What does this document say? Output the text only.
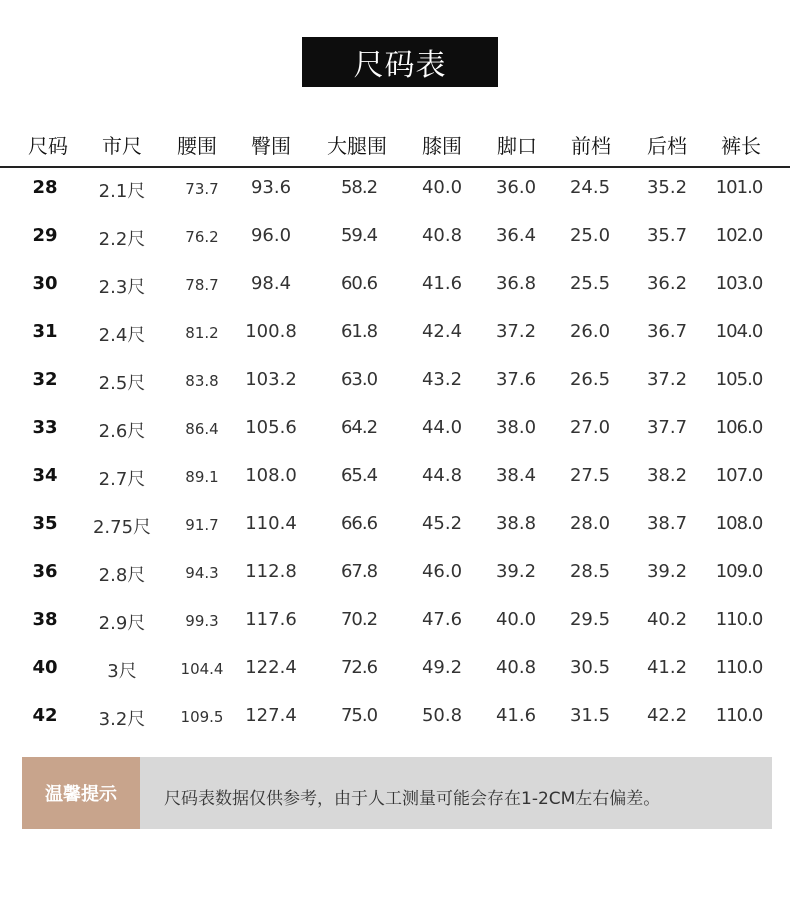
尺码表
尺码 市尺 腰围 臀围 大腿围 膝围 脚口 前档 后档 裤长
28 2.1尺	73.7 93.6	58.2 40.0 36.0 24.5 35.2 101.0
29 2.2尺	76.2 96.0	59.4 40.8 36.4 25.0 35.7 102.0
30 2.3尺	78.7 98.4	60.6 41.6 36.8 25.5 36.2 103.0
31 2.4尺	81.2 100.8 61.8 42.4 37.2 26.0 36.7 104.0
32 2.5尺	83.8 103.2 63.0 43.2 37.6 26.5 37.2 105.0
33 2.6尺	86.4 105.6 64.2 44.0 38.0 27.0 37.7 106.0
34 2.7尺	89.1 108.0 65.4 44.8 38.4 27.5 38.2 107.0
35 2.75尺 91.7 110.4 66.6 45.2 38.8 28.0 38.7 108.0
36 2.8尺	94.3 112.8 67.8 46.0 39.2 28.5 39.2 109.0
38 2.9尺	99.3 117.6 70.2 47.6 40.0 29.5 40.2 110.0
40	3尺	104.4 122.4 72.6 49.2 40.8 30.5 41.2 110.0
42 3.2尺 109.5 127.4 75.0 50.8 41.6 31.5 42.2 110.0
温馨提示	尺码表数据仅供参考，由于人工测量可能会存在1-2CM左右偏差。
